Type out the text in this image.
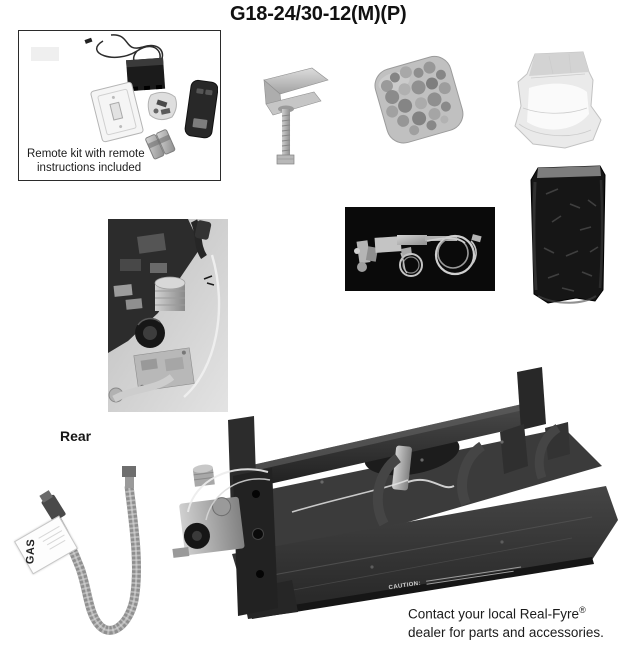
G18-24/30-12(M)(P)
Remote kit with remote
instructions included
Rear
GAS
CAUTION:
Contact your local Real-Fyre®
dealer for parts and accessories.
